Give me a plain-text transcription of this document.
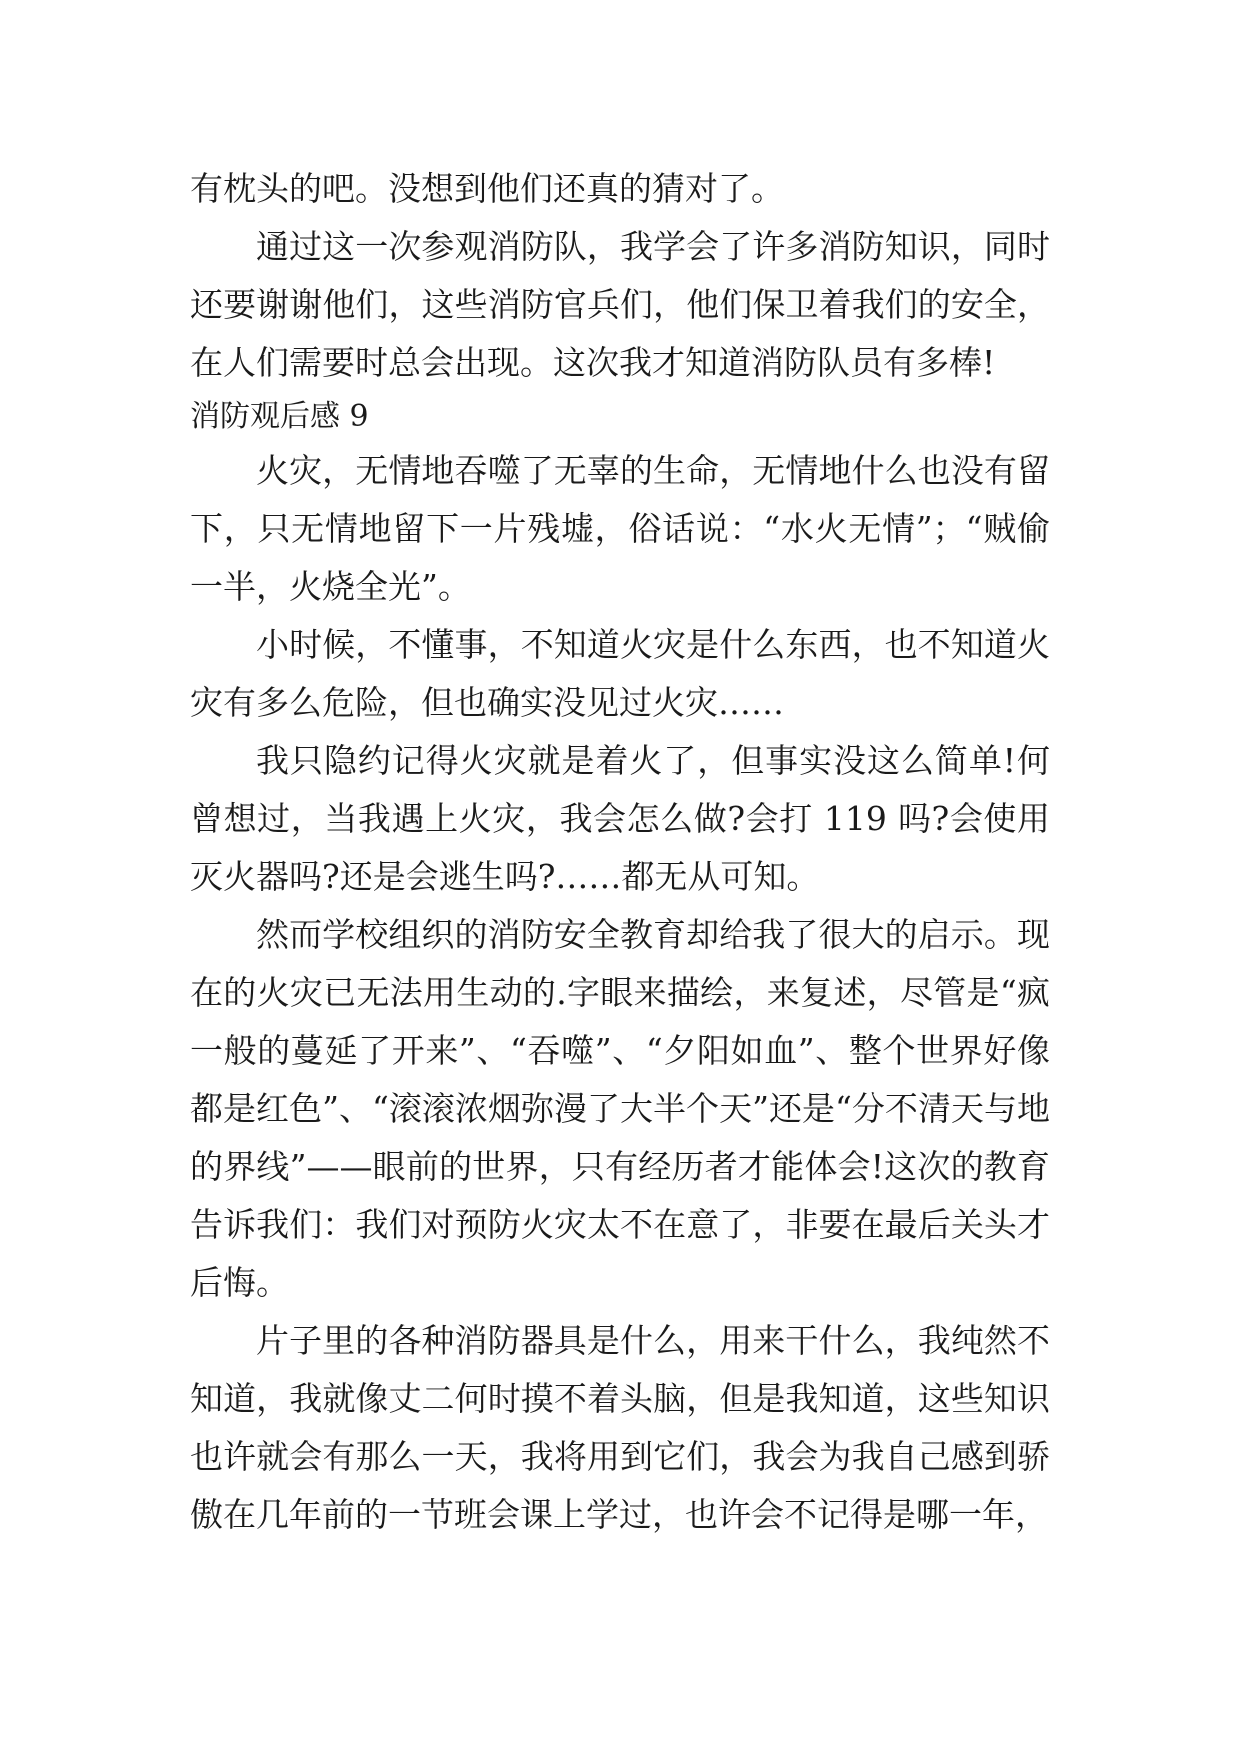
有枕头的吧。没想到他们还真的猜对了。

通过这一次参观消防队，我学会了许多消防知识，同时还要谢谢他们，这些消防官兵们，他们保卫着我们的安全，在人们需要时总会出现。这次我才知道消防队员有多棒!

消防观后感 9

火灾，无情地吞噬了无辜的生命，无情地什么也没有留下，只无情地留下一片残墟，俗话说：“水火无情”；“贼偷一半，火烧全光”。

小时候，不懂事，不知道火灾是什么东西，也不知道火灾有多么危险，但也确实没见过火灾……

我只隐约记得火灾就是着火了，但事实没这么简单!何曾想过，当我遇上火灾，我会怎么做?会打 119 吗?会使用灭火器吗?还是会逃生吗?……都无从可知。

然而学校组织的消防安全教育却给我了很大的启示。现在的火灾已无法用生动的.字眼来描绘，来复述，尽管是“疯一般的蔓延了开来”、“吞噬”、“夕阳如血”、整个世界好像都是红色”、“滚滚浓烟弥漫了大半个天”还是“分不清天与地的界线”——眼前的世界，只有经历者才能体会!这次的教育告诉我们：我们对预防火灾太不在意了，非要在最后关头才后悔。

片子里的各种消防器具是什么，用来干什么，我纯然不知道，我就像丈二何时摸不着头脑，但是我知道，这些知识也许就会有那么一天，我将用到它们，我会为我自己感到骄傲在几年前的一节班会课上学过，也许会不记得是哪一年，
